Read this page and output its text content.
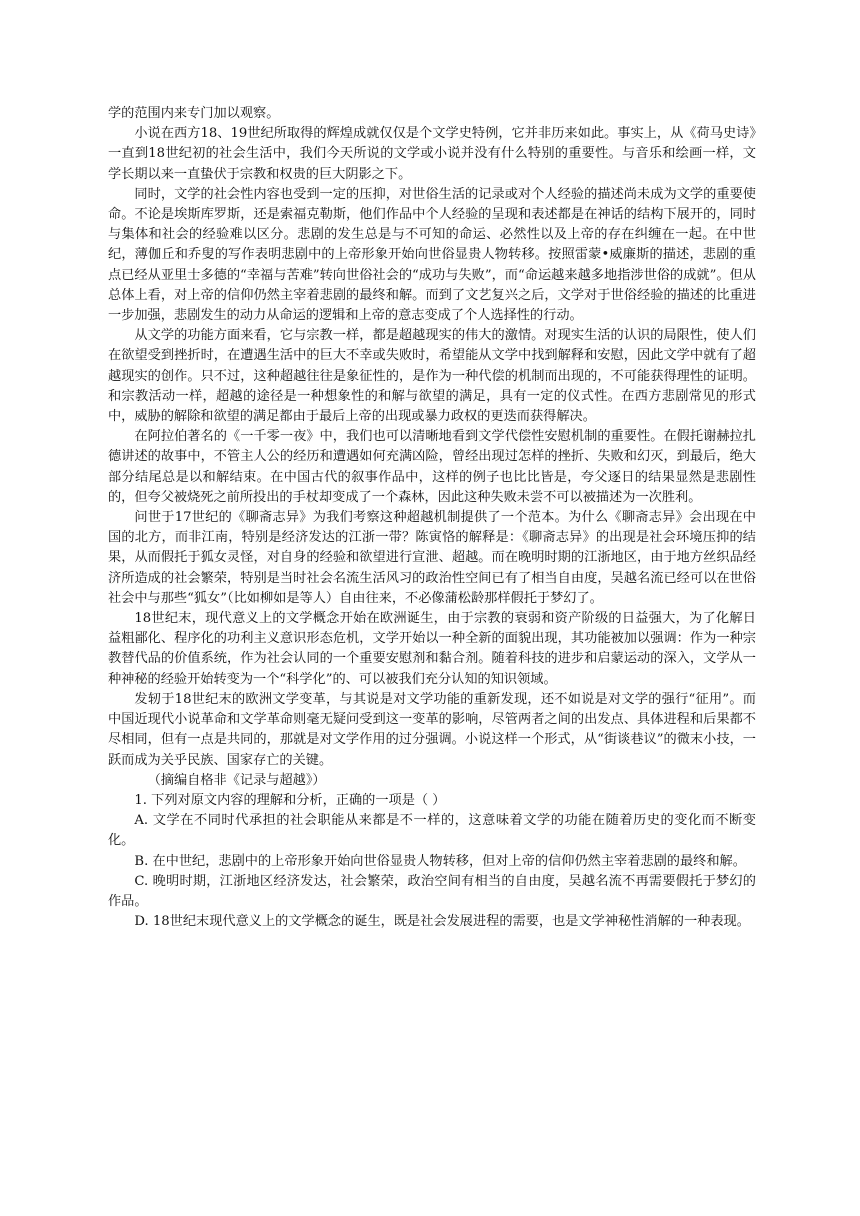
学的范围内来专门加以观察。

小说在西方18、19世纪所取得的辉煌成就仅仅是个文学史特例，它并非历来如此。事实上，从《荷马史诗》一直到18世纪初的社会生活中，我们今天所说的文学或小说并没有什么特别的重要性。与音乐和绘画一样，文学长期以来一直蛰伏于宗教和权贵的巨大阴影之下。

同时，文学的社会性内容也受到一定的压抑，对世俗生活的记录或对个人经验的描述尚未成为文学的重要使命。不论是埃斯库罗斯，还是索福克勒斯，他们作品中个人经验的呈现和表述都是在神话的结构下展开的，同时与集体和社会的经验难以区分。悲剧的发生总是与不可知的命运、必然性以及上帝的存在纠缠在一起。在中世纪，薄伽丘和乔叟的写作表明悲剧中的上帝形象开始向世俗显贵人物转移。按照雷蒙•威廉斯的描述，悲剧的重点已经从亚里士多德的“幸福与苦难”转向世俗社会的“成功与失败”，而“命运越来越多地指涉世俗的成就”。但从总体上看，对上帝的信仰仍然主宰着悲剧的最终和解。而到了文艺复兴之后，文学对于世俗经验的描述的比重进一步加强，悲剧发生的动力从命运的逻辑和上帝的意志变成了个人选择性的行动。

从文学的功能方面来看，它与宗教一样，都是超越现实的伟大的激情。对现实生活的认识的局限性，使人们在欲望受到挫折时，在遭遇生活中的巨大不幸或失败时，希望能从文学中找到解释和安慰，因此文学中就有了超越现实的创作。只不过，这种超越往往是象征性的，是作为一种代偿的机制而出现的，不可能获得理性的证明。和宗教活动一样，超越的途径是一种想象性的和解与欲望的满足，具有一定的仪式性。在西方悲剧常见的形式中，威胁的解除和欲望的满足都由于最后上帝的出现或暴力政权的更迭而获得解决。

在阿拉伯著名的《一千零一夜》中，我们也可以清晰地看到文学代偿性安慰机制的重要性。在假托谢赫拉扎德讲述的故事中，不管主人公的经历和遭遇如何充满凶险，曾经出现过怎样的挫折、失败和幻灭，到最后，绝大部分结尾总是以和解结束。在中国古代的叙事作品中，这样的例子也比比皆是，夸父逐日的结果显然是悲剧性的，但夸父被烧死之前所投出的手杖却变成了一个森林，因此这种失败未尝不可以被描述为一次胜利。

问世于17世纪的《聊斋志异》为我们考察这种超越机制提供了一个范本。为什么《聊斋志异》会出现在中国的北方，而非江南，特别是经济发达的江浙一带？陈寅恪的解释是：《聊斋志异》的出现是社会环境压抑的结果，从而假托于狐女灵怪，对自身的经验和欲望进行宣泄、超越。而在晚明时期的江浙地区，由于地方丝织品经济所造成的社会繁荣，特别是当时社会名流生活风习的政治性空间已有了相当自由度，吴越名流已经可以在世俗社会中与那些“狐女”（比如柳如是等人）自由往来，不必像蒲松龄那样假托于梦幻了。

18世纪末，现代意义上的文学概念开始在欧洲诞生，由于宗教的衰弱和资产阶级的日益强大，为了化解日益粗鄙化、程序化的功利主义意识形态危机，文学开始以一种全新的面貌出现，其功能被加以强调：作为一种宗教替代品的价值系统，作为社会认同的一个重要安慰剂和黏合剂。随着科技的进步和启蒙运动的深入，文学从一种神秘的经验开始转变为一个“科学化”的、可以被我们充分认知的知识领域。

发轫于18世纪末的欧洲文学变革，与其说是对文学功能的重新发现，还不如说是对文学的强行“征用”。而中国近现代小说革命和文学革命则毫无疑问受到这一变革的影响，尽管两者之间的出发点、具体进程和后果都不尽相同，但有一点是共同的，那就是对文学作用的过分强调。小说这样一个形式，从“街谈巷议”的微末小技，一跃而成为关乎民族、国家存亡的关键。

（摘编自格非《记录与超越》）

1. 下列对原文内容的理解和分析，正确的一项是（ ）

A. 文学在不同时代承担的社会职能从来都是不一样的，这意味着文学的功能在随着历史的变化而不断变化。

B. 在中世纪，悲剧中的上帝形象开始向世俗显贵人物转移，但对上帝的信仰仍然主宰着悲剧的最终和解。

C. 晚明时期，江浙地区经济发达，社会繁荣，政治空间有相当的自由度，吴越名流不再需要假托于梦幻的作品。

D. 18世纪末现代意义上的文学概念的诞生，既是社会发展进程的需要，也是文学神秘性消解的一种表现。
